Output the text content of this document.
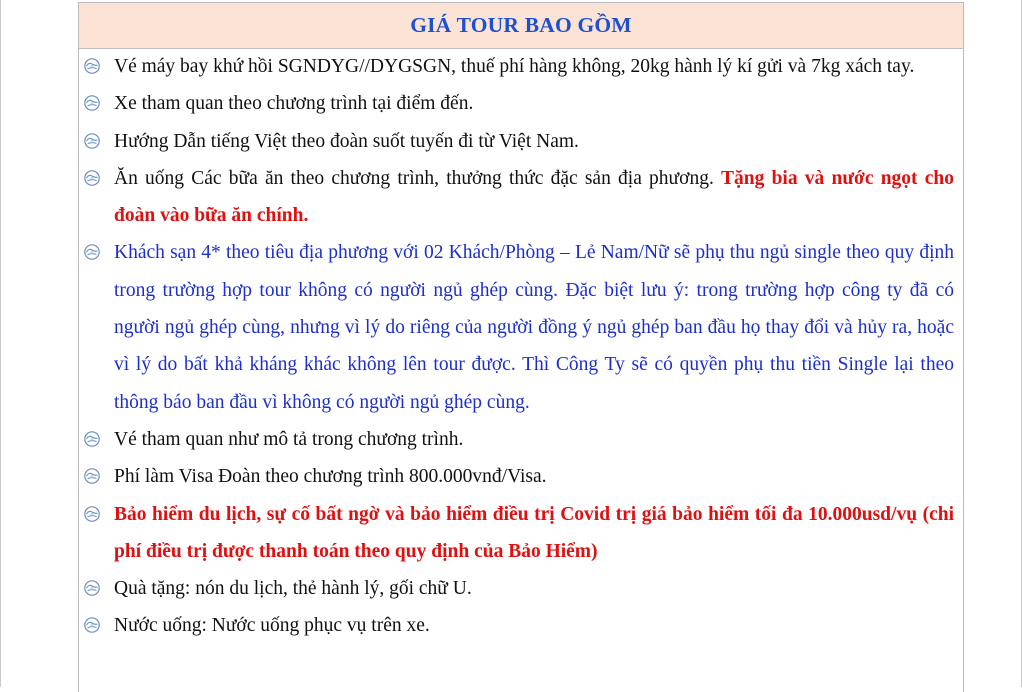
GIÁ TOUR BAO GỒM
Vé máy bay khứ hồi SGNDYG//DYGSGN, thuế phí hàng không, 20kg hành lý kí gửi và 7kg xách tay.
Xe tham quan theo chương trình tại điểm đến.
Hướng Dẫn tiếng Việt theo đoàn suốt tuyến đi từ Việt Nam.
Ăn uống Các bữa ăn theo chương trình, thưởng thức đặc sản địa phương. Tặng bia và nước ngọt cho đoàn vào bữa ăn chính.
Khách sạn 4* theo tiêu địa phương với 02 Khách/Phòng – Lẻ Nam/Nữ sẽ phụ thu ngủ single theo quy định trong trường hợp tour không có người ngủ ghép cùng. Đặc biệt lưu ý: trong trường hợp công ty đã có người ngủ ghép cùng, nhưng vì lý do riêng của người đồng ý ngủ ghép ban đầu họ thay đổi và hủy ra, hoặc vì lý do bất khả kháng khác không lên tour được. Thì Công Ty sẽ có quyền phụ thu tiền Single lại theo thông báo ban đầu vì không có người ngủ ghép cùng.
Vé tham quan như mô tả trong chương trình.
Phí làm Visa Đoàn theo chương trình 800.000vnđ/Visa.
Bảo hiểm du lịch, sự cố bất ngờ và bảo hiểm điều trị Covid trị giá bảo hiểm tối đa 10.000usd/vụ (chi phí điều trị được thanh toán theo quy định của Bảo Hiểm)
Quà tặng: nón du lịch, thẻ hành lý, gối chữ U.
Nước uống: Nước uống phục vụ trên xe.
